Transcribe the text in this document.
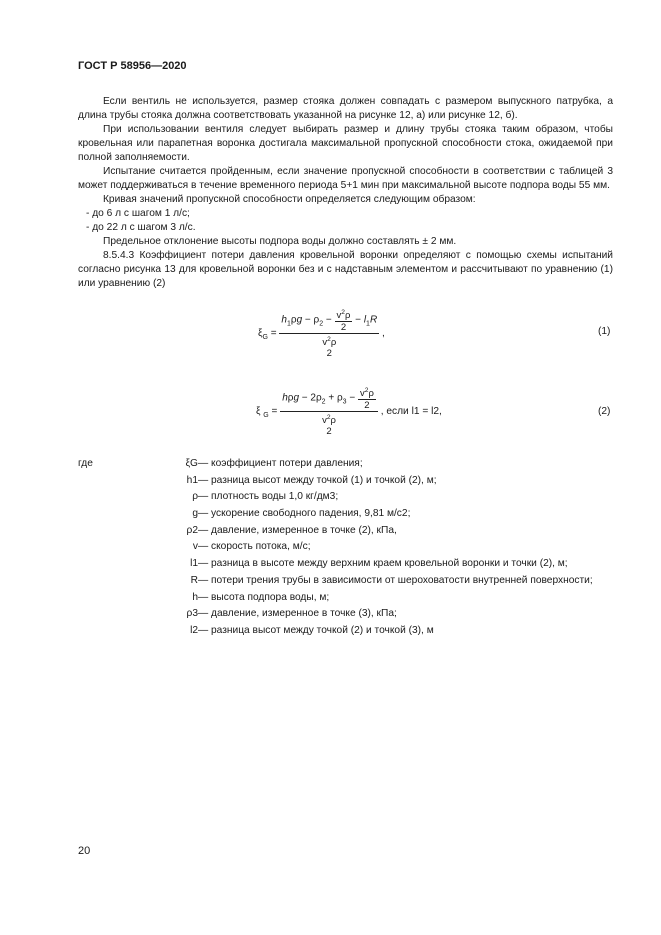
ГОСТ Р 58956—2020

Если вентиль не используется, размер стояка должен совпадать с размером выпускного патрубка, а длина трубы стояка должна соответствовать указанной на рисунке 12, а) или рисунке 12, б).

При использовании вентиля следует выбирать размер и длину трубы стояка таким образом, чтобы кровельная или парапетная воронка достигала максимальной пропускной способности стока, ожидаемой при полной заполняемости.

Испытание считается пройденным, если значение пропускной способности в соответствии с таблицей 3 может поддерживаться в течение временного периода 5+1 мин при максимальной высоте подпора воды 55 мм.

Кривая значений пропускной способности определяется следующим образом:

- до 6 л с шагом 1 л/с;

- до 22 л с шагом 3 л/с.

Предельное отклонение высоты подпора воды должно составлять ± 2 мм.

8.5.4.3 Коэффициент потери давления кровельной воронки определяют с помощью схемы испытаний согласно рисунка 13 для кровельной воронки без и с надставным элементом и рассчитывают по уравнению (1) или уравнению (2)

$\xi_G = h_1\rho g - \rho_2 - \frac{v^2\rho}{2} - l_1R$
$v^2\rho$
2 ,	(1)
ξ $_G = h\rho g - 2\rho_2 + \rho_3 - \frac{v^2\rho}{2}$
$v^2\rho$
2 , если l1 = l2,	(2)
где	ξG — коэффициент потери давления;
h1 — разница высот между точкой (1) и точкой (2), м;
ρ — плотность воды 1,0 кг/дм3;
g — ускорение свободного падения, 9,81 м/с2;
ρ2 — давление, измеренное в точке (2), кПа,
v — скорость потока, м/с;
l1 — разница в высоте между верхним краем кровельной воронки и точки (2), м;
R — потери трения трубы в зависимости от шероховатости внутренней поверхности;
h — высота подпора воды, м;
ρ3 — давление, измеренное в точке (3), кПа;
l2 — разница высот между точкой (2) и точкой (3), м
20
